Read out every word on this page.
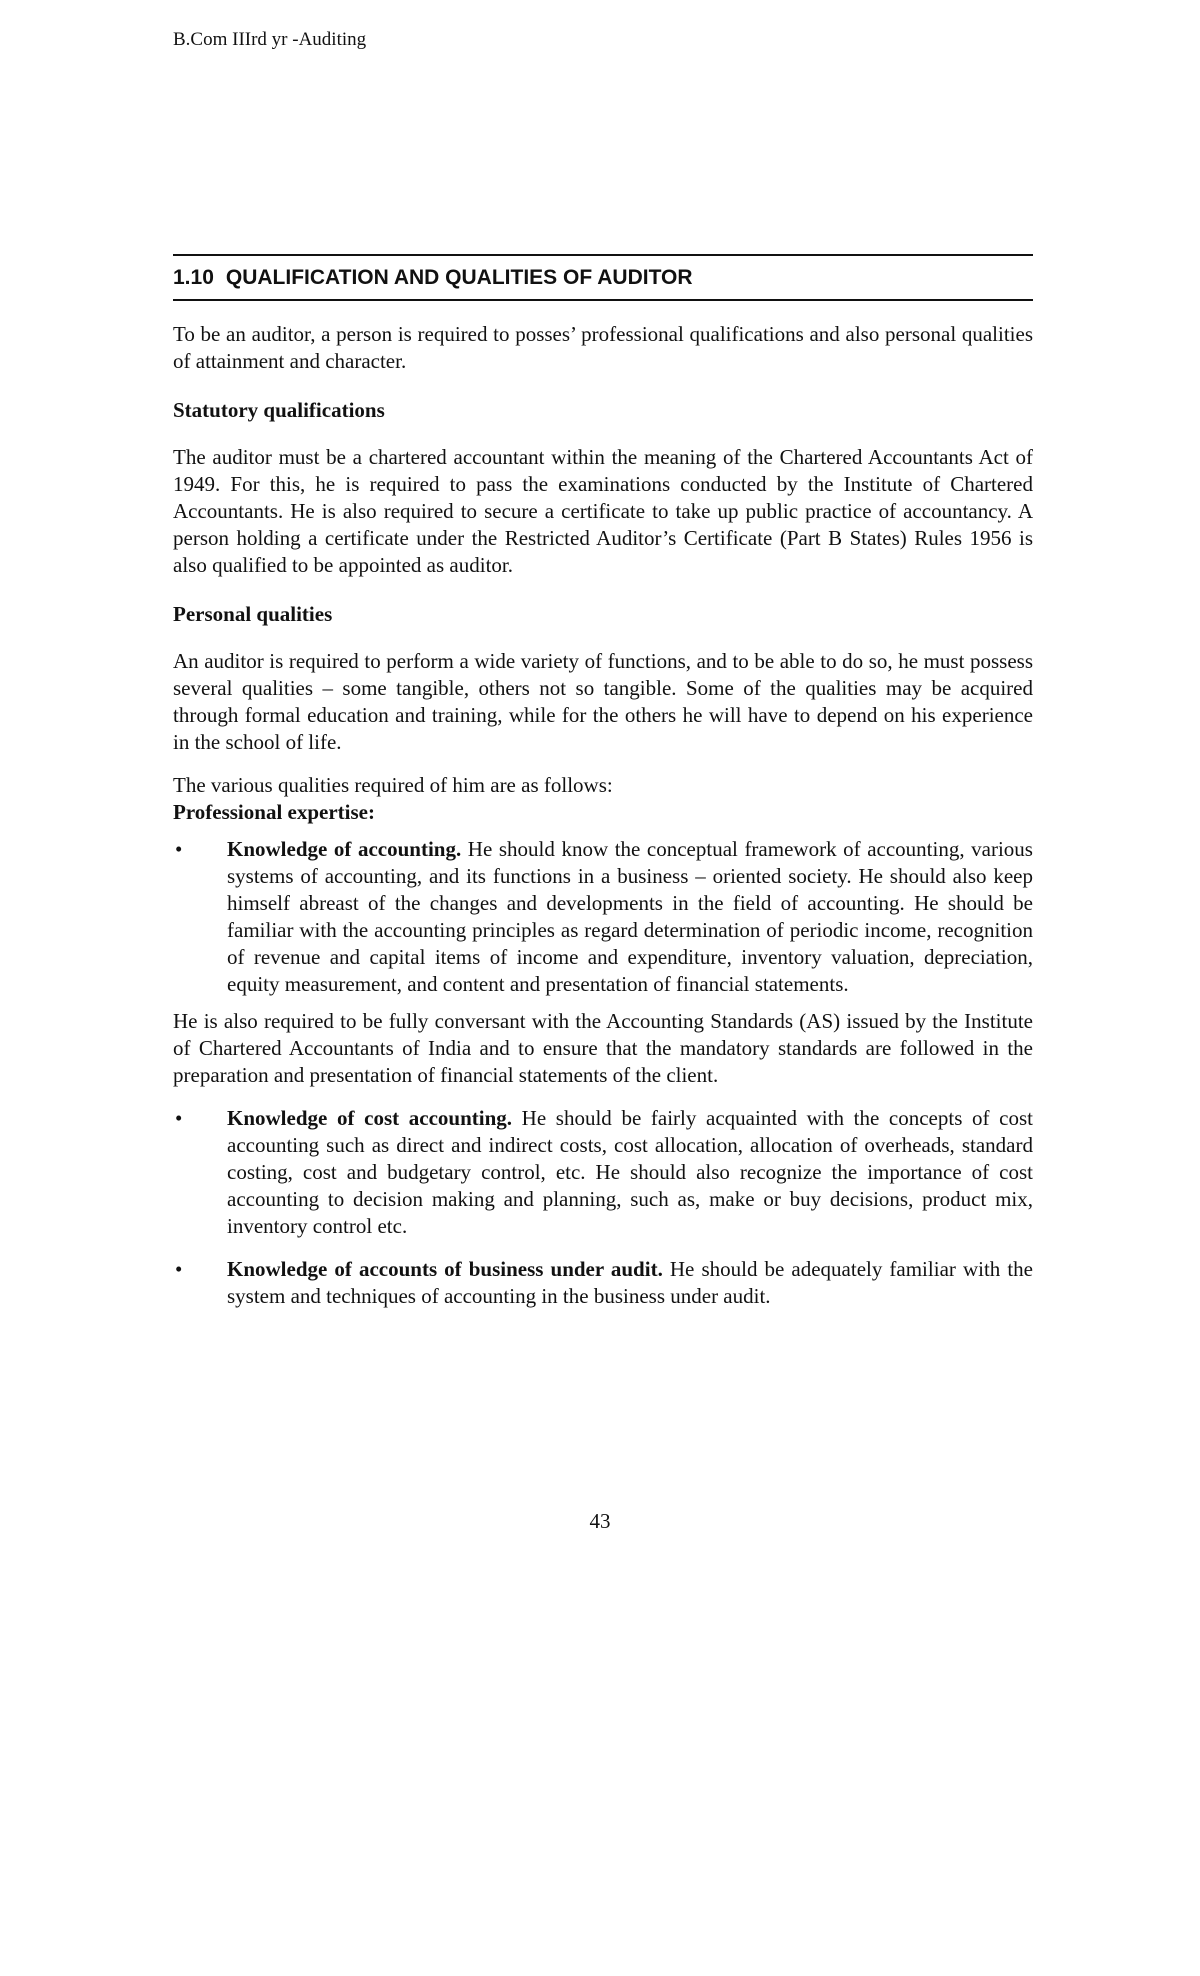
B.Com IIIrd yr -Auditing
1.10 QUALIFICATION AND QUALITIES OF AUDITOR

To be an auditor, a person is required to posses’ professional qualifications and also personal qualities of attainment and character.

Statutory qualifications

The auditor must be a chartered accountant within the meaning of the Chartered Accountants Act of 1949. For this, he is required to pass the examinations conducted by the Institute of Chartered Accountants. He is also required to secure a certificate to take up public practice of accountancy. A person holding a certificate under the Restricted Auditor’s Certificate (Part B States) Rules 1956 is also qualified to be appointed as auditor.

Personal qualities

An auditor is required to perform a wide variety of functions, and to be able to do so, he must possess several qualities – some tangible, others not so tangible. Some of the qualities may be acquired through formal education and training, while for the others he will have to depend on his experience in the school of life.

The various qualities required of him are as follows:

Professional expertise:
•	Knowledge of accounting. He should know the conceptual framework of accounting, various systems of accounting, and its functions in a business – oriented society. He should also keep himself abreast of the changes and developments in the field of accounting. He should be familiar with the accounting principles as regard determination of periodic income, recognition of revenue and capital items of income and expenditure, inventory valuation, depreciation, equity measurement, and content and presentation of financial statements.

He is also required to be fully conversant with the Accounting Standards (AS) issued by the Institute of Chartered Accountants of India and to ensure that the mandatory standards are followed in the preparation and presentation of financial statements of the client.

•	Knowledge of cost accounting. He should be fairly acquainted with the concepts of cost accounting such as direct and indirect costs, cost allocation, allocation of overheads, standard costing, cost and budgetary control, etc. He should also recognize the importance of cost accounting to decision making and planning, such as, make or buy decisions, product mix, inventory control etc.
•	Knowledge of accounts of business under audit. He should be adequately familiar with the system and techniques of accounting in the business under audit.
43
